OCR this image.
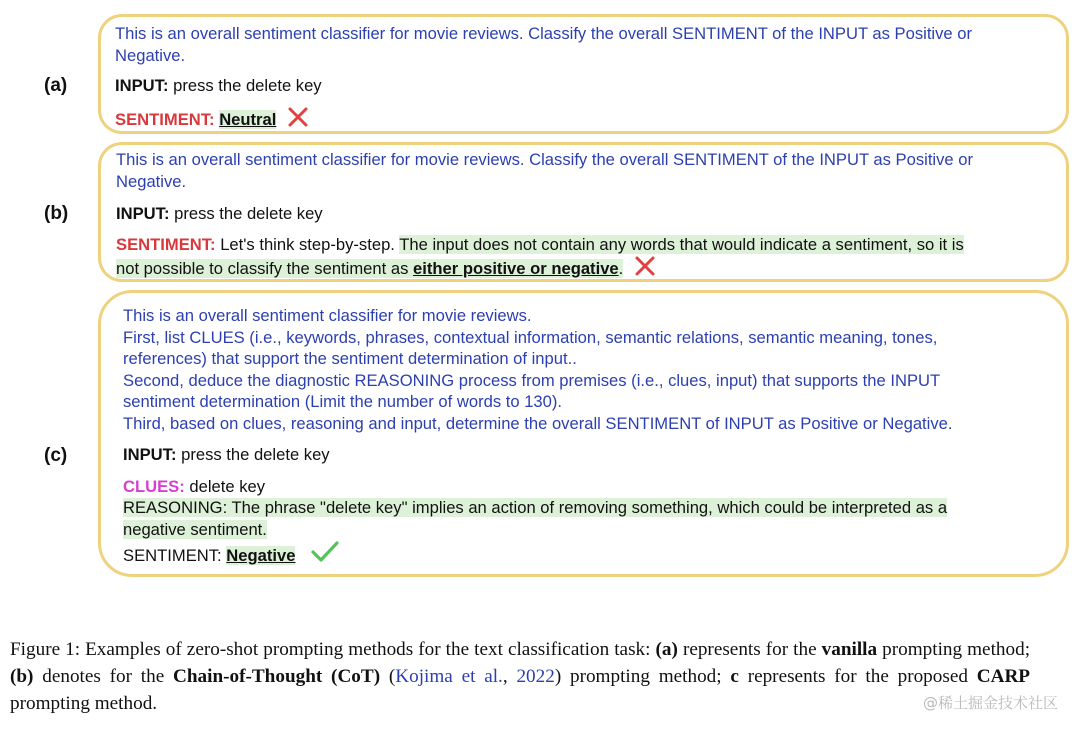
(a)
This is an overall sentiment classifier for movie reviews. Classify the overall SENTIMENT of the INPUT as Positive or
Negative.
INPUT: press the delete key
SENTIMENT: Neutral
(b)
This is an overall sentiment classifier for movie reviews. Classify the overall SENTIMENT of the INPUT as Positive or
Negative.
INPUT: press the delete key
SENTIMENT: Let's think step-by-step. The input does not contain any words that would indicate a sentiment, so it is
not possible to classify the sentiment as either positive or negative.
(c)
This is an overall sentiment classifier for movie reviews.
First, list CLUES (i.e., keywords, phrases, contextual information, semantic relations, semantic meaning, tones,
references) that support the sentiment determination of input..
Second, deduce the diagnostic REASONING process from premises (i.e., clues, input) that supports the INPUT
sentiment determination (Limit the number of words to 130).
Third, based on clues, reasoning and input, determine the overall SENTIMENT of INPUT as Positive or Negative.
INPUT: press the delete key
CLUES: delete key
REASONING: The phrase "delete key" implies an action of removing something, which could be interpreted as a
negative sentiment.
SENTIMENT: Negative
Figure 1: Examples of zero-shot prompting methods for the text classification task: (a) represents for the vanilla prompting method; (b) denotes for the Chain-of-Thought (CoT) (Kojima et al., 2022) prompting method; c represents for the proposed CARP prompting method.	@稀土掘金技术社区
